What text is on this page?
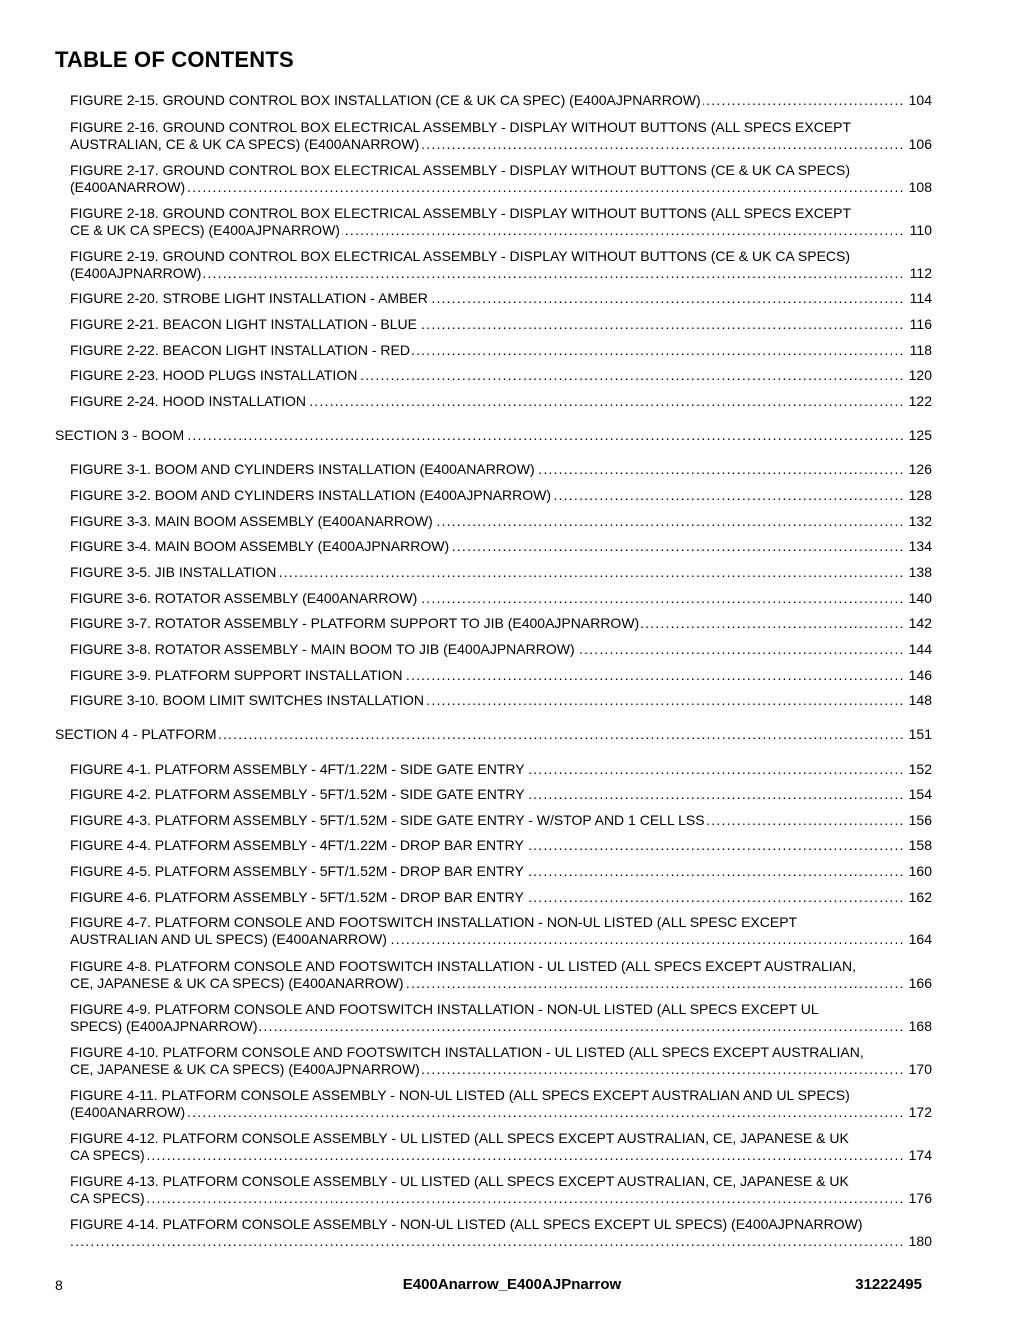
TABLE OF CONTENTS
.....
FIGURE 2-15. GROUND CONTROL BOX INSTALLATION (CE & UK CA SPEC) (E400AJPNARROW)	104
FIGURE 2-16. GROUND CONTROL BOX ELECTRICAL ASSEMBLY - DISPLAY WITHOUT BUTTONS (ALL SPECS EXCEPT
.....
AUSTRALIAN, CE & UK CA SPECS) (E400ANARROW)	106
FIGURE 2-17. GROUND CONTROL BOX ELECTRICAL ASSEMBLY - DISPLAY WITHOUT BUTTONS (CE & UK CA SPECS)
.....
(E400ANARROW)	108
FIGURE 2-18. GROUND CONTROL BOX ELECTRICAL ASSEMBLY - DISPLAY WITHOUT BUTTONS (ALL SPECS EXCEPT
.....
CE & UK CA SPECS) (E400AJPNARROW)	110
FIGURE 2-19. GROUND CONTROL BOX ELECTRICAL ASSEMBLY - DISPLAY WITHOUT BUTTONS (CE & UK CA SPECS)
.....
(E400AJPNARROW)	112
.....
FIGURE 2-20. STROBE LIGHT INSTALLATION - AMBER	114
.....
FIGURE 2-21. BEACON LIGHT INSTALLATION - BLUE	116
.....
FIGURE 2-22. BEACON LIGHT INSTALLATION - RED	118
.....
FIGURE 2-23. HOOD PLUGS INSTALLATION	120
.....
FIGURE 2-24. HOOD INSTALLATION	122
.....
SECTION 3 - BOOM	125
.....
FIGURE 3-1. BOOM AND CYLINDERS INSTALLATION (E400ANARROW)	126
.....
FIGURE 3-2. BOOM AND CYLINDERS INSTALLATION (E400AJPNARROW)	128
.....
FIGURE 3-3. MAIN BOOM ASSEMBLY (E400ANARROW)	132
.....
FIGURE 3-4. MAIN BOOM ASSEMBLY (E400AJPNARROW)	134
.....
FIGURE 3-5. JIB INSTALLATION	138
.....
FIGURE 3-6. ROTATOR ASSEMBLY (E400ANARROW)	140
.....
FIGURE 3-7. ROTATOR ASSEMBLY - PLATFORM SUPPORT TO JIB (E400AJPNARROW)	142
.....
FIGURE 3-8. ROTATOR ASSEMBLY - MAIN BOOM TO JIB (E400AJPNARROW)	144
.....
FIGURE 3-9. PLATFORM SUPPORT INSTALLATION	146
.....
FIGURE 3-10. BOOM LIMIT SWITCHES INSTALLATION	148
.....
SECTION 4 - PLATFORM	151
.....
FIGURE 4-1. PLATFORM ASSEMBLY - 4FT/1.22M - SIDE GATE ENTRY	152
.....
FIGURE 4-2. PLATFORM ASSEMBLY - 5FT/1.52M - SIDE GATE ENTRY	154
.....
FIGURE 4-3. PLATFORM ASSEMBLY - 5FT/1.52M - SIDE GATE ENTRY - W/STOP AND 1 CELL LSS	156
.....
FIGURE 4-4. PLATFORM ASSEMBLY - 4FT/1.22M - DROP BAR ENTRY	158
.....
FIGURE 4-5. PLATFORM ASSEMBLY - 5FT/1.52M - DROP BAR ENTRY	160
.....
FIGURE 4-6. PLATFORM ASSEMBLY - 5FT/1.52M - DROP BAR ENTRY	162
FIGURE 4-7. PLATFORM CONSOLE AND FOOTSWITCH INSTALLATION - NON-UL LISTED (ALL SPESC EXCEPT
.....
AUSTRALIAN AND UL SPECS) (E400ANARROW)	164
FIGURE 4-8. PLATFORM CONSOLE AND FOOTSWITCH INSTALLATION - UL LISTED (ALL SPECS EXCEPT AUSTRALIAN,
.....
CE, JAPANESE & UK CA SPECS) (E400ANARROW)	166
FIGURE 4-9. PLATFORM CONSOLE AND FOOTSWITCH INSTALLATION - NON-UL LISTED (ALL SPECS EXCEPT UL
.....
SPECS) (E400AJPNARROW)	168
FIGURE 4-10. PLATFORM CONSOLE AND FOOTSWITCH INSTALLATION - UL LISTED (ALL SPECS EXCEPT AUSTRALIAN,
.....
CE, JAPANESE & UK CA SPECS) (E400AJPNARROW)	170
FIGURE 4-11. PLATFORM CONSOLE ASSEMBLY - NON-UL LISTED (ALL SPECS EXCEPT AUSTRALIAN AND UL SPECS)
.....
(E400ANARROW)	172
FIGURE 4-12. PLATFORM CONSOLE ASSEMBLY - UL LISTED (ALL SPECS EXCEPT AUSTRALIAN, CE, JAPANESE & UK
.....
CA SPECS)	174
FIGURE 4-13. PLATFORM CONSOLE ASSEMBLY - UL LISTED (ALL SPECS EXCEPT AUSTRALIAN, CE, JAPANESE & UK
.....
CA SPECS)	176
FIGURE 4-14. PLATFORM CONSOLE ASSEMBLY - NON-UL LISTED (ALL SPECS EXCEPT UL SPECS) (E400AJPNARROW)
.....
180
8	E400Anarrow_E400AJPnarrow	31222495
